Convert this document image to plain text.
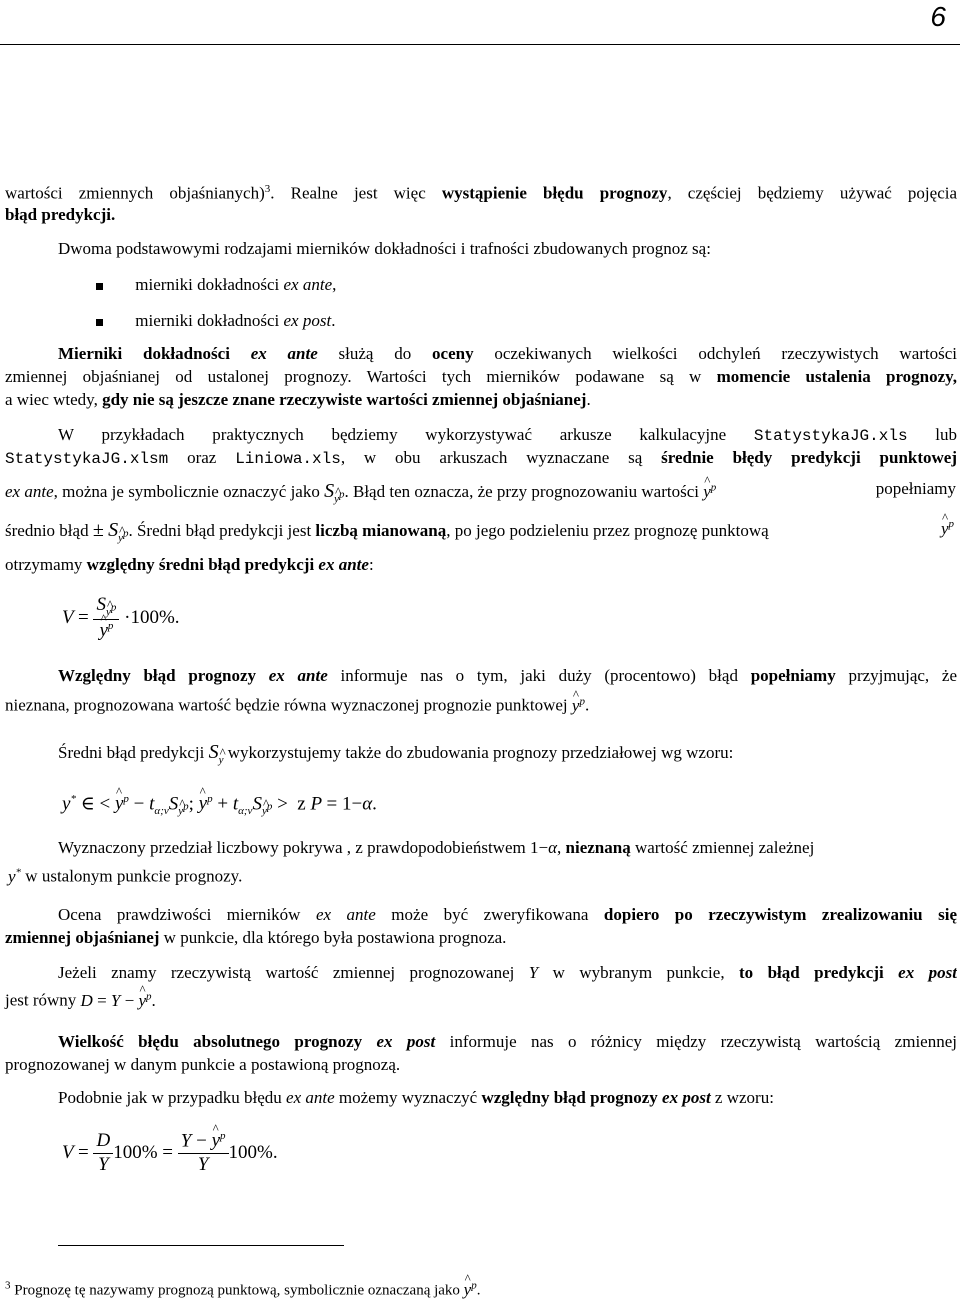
6
wartości zmiennych objaśnianych)$^3$. Realne jest więc wystąpienie błędu prognozy, częściej będziemy używać pojęcia
błąd predykcji.
Dwoma podstawowymi rodzajami mierników dokładności i trafności zbudowanych prognoz są:
mierniki dokładności ex ante,
mierniki dokładności ex post.
Mierniki dokładności ex ante służą do oceny oczekiwanych wielkości odchyleń rzeczywistych wartości
zmiennej objaśnianej od ustalonej prognozy. Wartości tych mierników podawane są w momencie ustalenia prognozy,
a wiec wtedy, gdy nie są jeszcze znane rzeczywiste wartości zmiennej objaśnianej.
W przykładach praktycznych będziemy wykorzystywać arkusze kalkulacyjne StatystykaJG.xls lub
StatystykaJG.xlsm oraz Liniowa.xls, w obu arkuszach wyznaczane są średnie błędy predykcji punktowej
ex ante, można je symbolicznie oznaczyć jako S^ $_{y^p}$. Błąd ten oznacza, że przy prognozowaniu wartości ^ $y^p$	popełniamy
średnio błąd ± S^ $_{y^p}$. Średni błąd predykcji jest liczbą mianowaną, po jego podzieleniu przez prognozę punktową	^ $y^p$
otrzymamy względny średni błąd predykcji ex ante:
V = S^ $_{y^p}$
^ $y^p \cdot 100\%$.
Względny błąd prognozy ex ante informuje nas o tym, jaki duży (procentowo) błąd popełniamy przyjmując, że
nieznana, prognozowana wartość będzie równa wyznaczonej prognozie punktowej ^ $y^p$.
Średni błąd predykcji S^ $_y$ wykorzystujemy także do zbudowania prognozy przedziałowej wg wzoru:
y* ∈ < ^ $y^p$ − $t_{\alpha;\nu}S\^{}$ $_{y^p}$; ^ $y^p$ + $t_{\alpha;\nu}S\^{}$ $_{y^p}$ > z P = 1−α.
Wyznaczony przedział liczbowy pokrywa , z prawdopodobieństwem 1−α, nieznaną wartość zmiennej zależnej
y* w ustalonym punkcie prognozy.
Ocena prawdziwości mierników ex ante może być zweryfikowana dopiero po rzeczywistym zrealizowaniu się
zmiennej objaśnianej w punkcie, dla którego była postawiona prognoza.
Jeżeli znamy rzeczywistą wartość zmiennej prognozowanej Y w wybranym punkcie, to błąd predykcji ex post
jest równy D = Y − ^ $y^p$.
Wielkość błędu absolutnego prognozy ex post informuje nas o różnicy między rzeczywistą wartością zmiennej
prognozowanej w danym punkcie a postawioną prognozą.
Podobnie jak w przypadku błędu ex ante możemy wyznaczyć względny błąd prognozy ex post z wzoru:
$V = \frac{D}{Y} 100\% = \frac{Y - \^{} y^p}{Y} 100\%$.
$^3$ Prognozę tę nazywamy prognozą punktową, symbolicznie oznaczaną jako ^ $y^p$.
